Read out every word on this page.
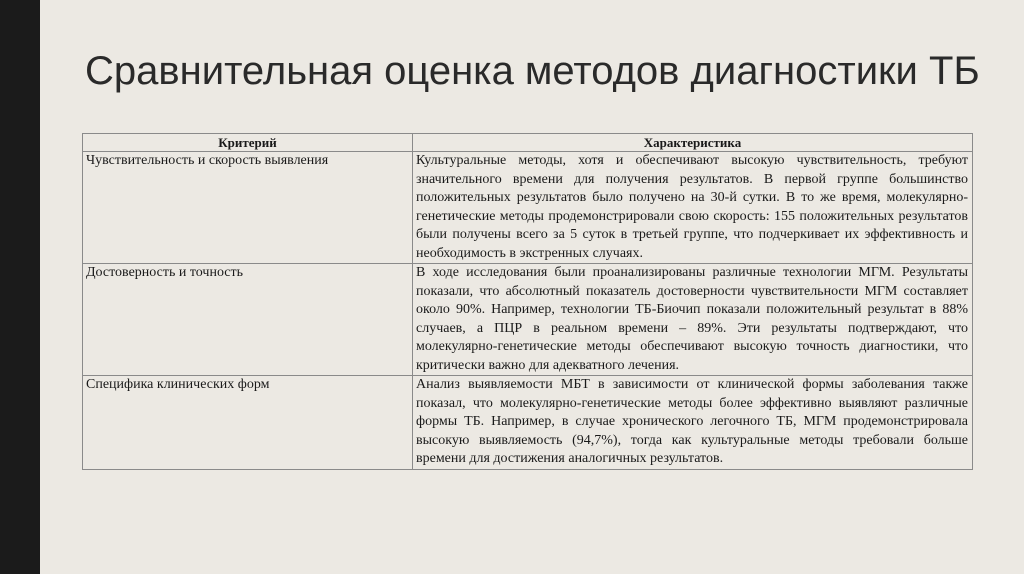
Сравнительная оценка методов диагностики ТБ
Критерий	Характеристика
Чувствительность и скорость выявления	Культуральные методы, хотя и обеспечивают высокую чувствительность, требуют значительного времени для получения результатов. В первой группе большинство положительных результатов было получено на 30-й сутки. В то же время, молекулярно-генетические методы продемонстрировали свою скорость: 155 положительных результатов были получены всего за 5 суток в третьей группе, что подчеркивает их эффективность и необходимость в экстренных случаях.
Достоверность и точность	В ходе исследования были проанализированы различные технологии МГМ. Результаты показали, что абсолютный показатель достоверности чувствительности МГМ составляет около 90%. Например, технологии ТБ-Биочип показали положительный результат в 88% случаев, а ПЦР в реальном времени – 89%. Эти результаты подтверждают, что молекулярно-генетические методы обеспечивают высокую точность диагностики, что критически важно для адекватного лечения.
Специфика клинических форм	Анализ выявляемости МБТ в зависимости от клинической формы заболевания также показал, что молекулярно-генетические методы более эффективно выявляют различные формы ТБ. Например, в случае хронического легочного ТБ, МГМ продемонстрировала высокую выявляемость (94,7%), тогда как культуральные методы требовали больше времени для достижения аналогичных результатов.
